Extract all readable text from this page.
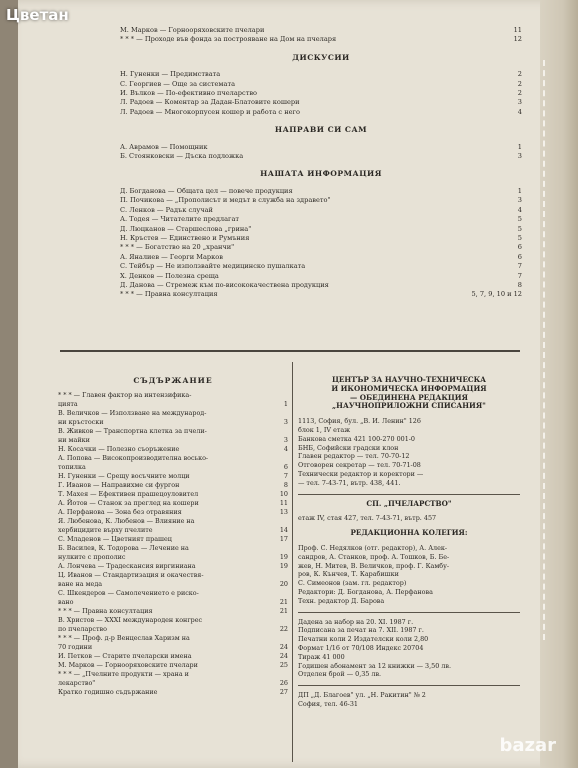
Цветан
bazar
М. Марков — Горнооряховските пчелари	11
* * * — Проходе във фонда за построяване на Дом на пчеларя	12
ДИСКУСИИ
Н. Гуненки — Предимствата	2
С. Георгиев — Още за системата	2
И. Вълков — По-ефективно пчеларство	2
Л. Радоев — Коментар за Дадан-Блатовите кошери	3
Л. Радоев — Многокорпусен кошер и работа с него	4
НАПРАВИ СИ САМ
А. Аврамов — Помощник	1
Б. Стоянковски — Дъска подложка	3
НАШАТА ИНФОРМАЦИЯ
Д. Богданова — Общата цел — повече продукция	1
П. Почикова — „Прополисът и медът в служба на здравето"	3
С. Ленков — Радък случай	4
А. Тодея — Читателите предлагат	5
Д. Люцканов — Старшеслова „грина"	5
Н. Кръстев — Единствено и Румъния	5
* * * — Богатство на 20 „хранчи"	6
А. Яналиев — Георги Марков	6
С. Тейбър — Не използвайте медицинско пушалката	7
Х. Денков — Полезна среща	7
Д. Данова — Стремеж към по-висококачествена продукция	8
* * * — Правна консултация	5, 7, 9, 10 и 12
СЪДЪРЖАНИЕ
* * * — Главен фактор на интензифика-
цията	1
В. Величков — Използване на международ-
ни кръстоски	3
В. Живков — Транспортна клетка за пчели-
ни майки	3
Н. Косачки — Полезно съоръжение	4
А. Попова — Високопроизводителна восько-
топилка	6
Н. Гуненки — Срещу восъчните молци	7
Г. Иванов — Направихме си фургон	8
Т. Махея — Ефективен прашецоуловител	10
А. Йотов — Станок за преглед на кошери	11
А. Перфанова — Зона без отравяния	13
Я. Любенова, К. Любенов — Влияние на
хербицидите върху пчелите	14
С. Младенов — Цветният прашец	17
Б. Василев, К. Тодорова — Лечение на
нулките с прополис	19
А. Лончева — Традескансия виргиниана	19
Ц. Иванов — Стандартизация и окачествя-
ване на медa	20
С. Шкендеров — Самолечението е риско-
вано	21
* * * — Правна консултация	21
В. Христов — XXXI международен конгрес
по пчеларство	22
* * * — Проф. д-р Венцеслав Харизм на
70 години	24
И. Петков — Старите пчеларски имена	24
М. Марков — Горнооряховските пчелари	25
* * * — „Пчелните продукти — храна и
лекарство"	26
Кратко годишно съдържание	27
ЦЕНТЪР ЗА НАУЧНО-ТЕХНИЧЕСКА
И ИКОНОМИЧЕСКА ИНФОРМАЦИЯ
— ОБЕДИНЕНА РЕДАКЦИЯ
„НАУЧНОПРИЛОЖНИ СПИСАНИЯ"
1113, София, бул. „В. И. Ленин" 126
блок 1, IV етаж
Банкова сметка 421 100-270 001-0
БНБ, Софийски градски клон
Главен редактор — тел. 70-70-12
Отговорен секретар — тел. 70-71-08
Технически редактор и коректори —
— тел. 7-43-71, вътр. 438, 441.
СП. „ПЧЕЛАРСТВО"
етаж IV, стая 427, тел. 7-43-71, вътр. 457
РЕДАКЦИОННА КОЛЕГИЯ:
Проф. С. Недялков (отг. редактор), А. Алек-
сандров, А. Станков, проф. А. Тошков, Б. Бе-
жев, Н. Митев, В. Величков, проф. Г. Камбу-
ров, К. Кънчев, Т. Карабишки
С. Симеонов (зам. гл. редактор)
Редактори: Д. Богданова, А. Перфанова
Техн. редактор Д. Барова
Дадена за набор на 20. XI. 1987 г.
Подписана за печат на 7. XII. 1987 г.
Печатни коли 2 Издателски коли 2,80
Формат 1/16 от 70/108 Индекс 20704
Тираж 41 000
Годишен абонамент за 12 книжки — 3,50 лв.
Отделен брой — 0,35 лв.
ДП „Д. Благоев" ул. „Н. Ракитин" № 2
София, тел. 46-31
